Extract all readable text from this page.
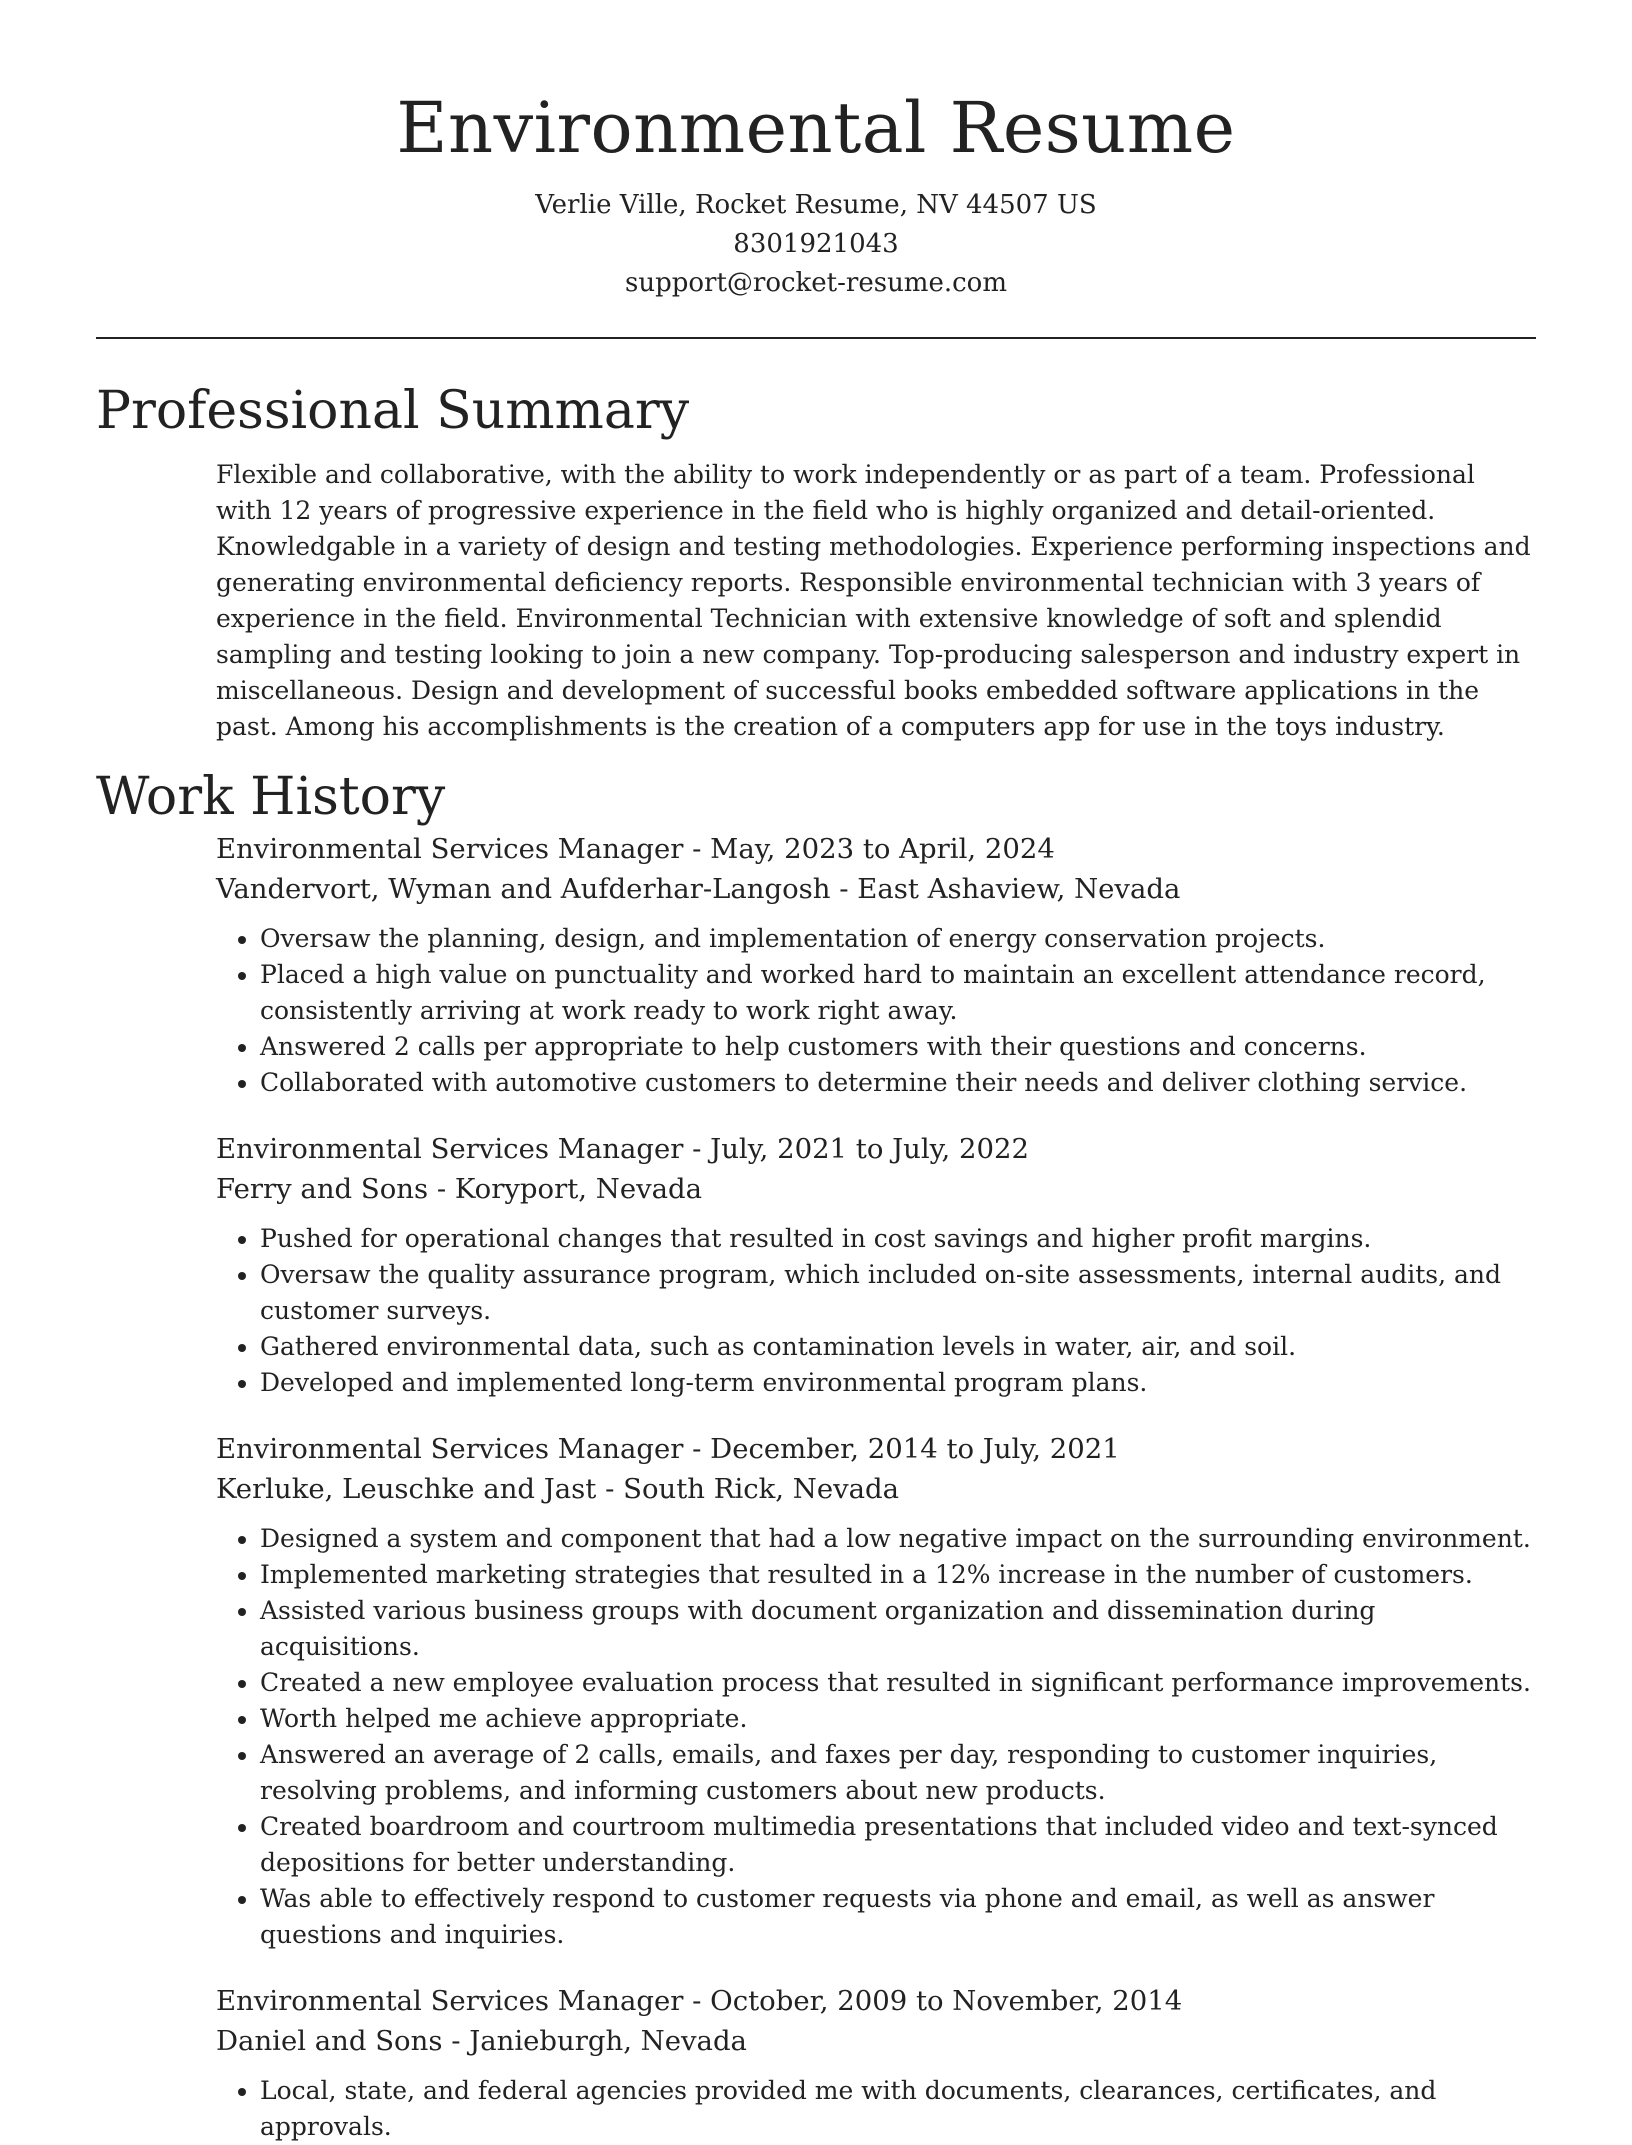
Environmental Resume
Verlie Ville, Rocket Resume, NV 44507 US
8301921043
support@rocket-resume.com
Professional Summary

Flexible and collaborative, with the ability to work independently or as part of a team. Professional with 12 years of progressive experience in the field who is highly organized and detail-oriented. Knowledgable in a variety of design and testing methodologies. Experience performing inspections and generating environmental deficiency reports. Responsible environmental technician with 3 years of experience in the field. Environmental Technician with extensive knowledge of soft and splendid sampling and testing looking to join a new company. Top-producing salesperson and industry expert in miscellaneous. Design and development of successful books embedded software applications in the past. Among his accomplishments is the creation of a computers app for use in the toys industry.

Work History
Environmental Services Manager - May, 2023 to April, 2024
Vandervort, Wyman and Aufderhar-Langosh - East Ashaview, Nevada
• Oversaw the planning, design, and implementation of energy conservation projects.
• Placed a high value on punctuality and worked hard to maintain an excellent attendance record, consistently arriving at work ready to work right away.
• Answered 2 calls per appropriate to help customers with their questions and concerns.
• Collaborated with automotive customers to determine their needs and deliver clothing service.
Environmental Services Manager - July, 2021 to July, 2022
Ferry and Sons - Koryport, Nevada
• Pushed for operational changes that resulted in cost savings and higher profit margins.
• Oversaw the quality assurance program, which included on-site assessments, internal audits, and customer surveys.
• Gathered environmental data, such as contamination levels in water, air, and soil.
• Developed and implemented long-term environmental program plans.
Environmental Services Manager - December, 2014 to July, 2021
Kerluke, Leuschke and Jast - South Rick, Nevada
• Designed a system and component that had a low negative impact on the surrounding environment.
• Implemented marketing strategies that resulted in a 12% increase in the number of customers.
• Assisted various business groups with document organization and dissemination during acquisitions.
• Created a new employee evaluation process that resulted in significant performance improvements.
• Worth helped me achieve appropriate.
• Answered an average of 2 calls, emails, and faxes per day, responding to customer inquiries, resolving problems, and informing customers about new products.
• Created boardroom and courtroom multimedia presentations that included video and text-synced depositions for better understanding.
• Was able to effectively respond to customer requests via phone and email, as well as answer questions and inquiries.
Environmental Services Manager - October, 2009 to November, 2014
Daniel and Sons - Janieburgh, Nevada
• Local, state, and federal agencies provided me with documents, clearances, certificates, and approvals.
